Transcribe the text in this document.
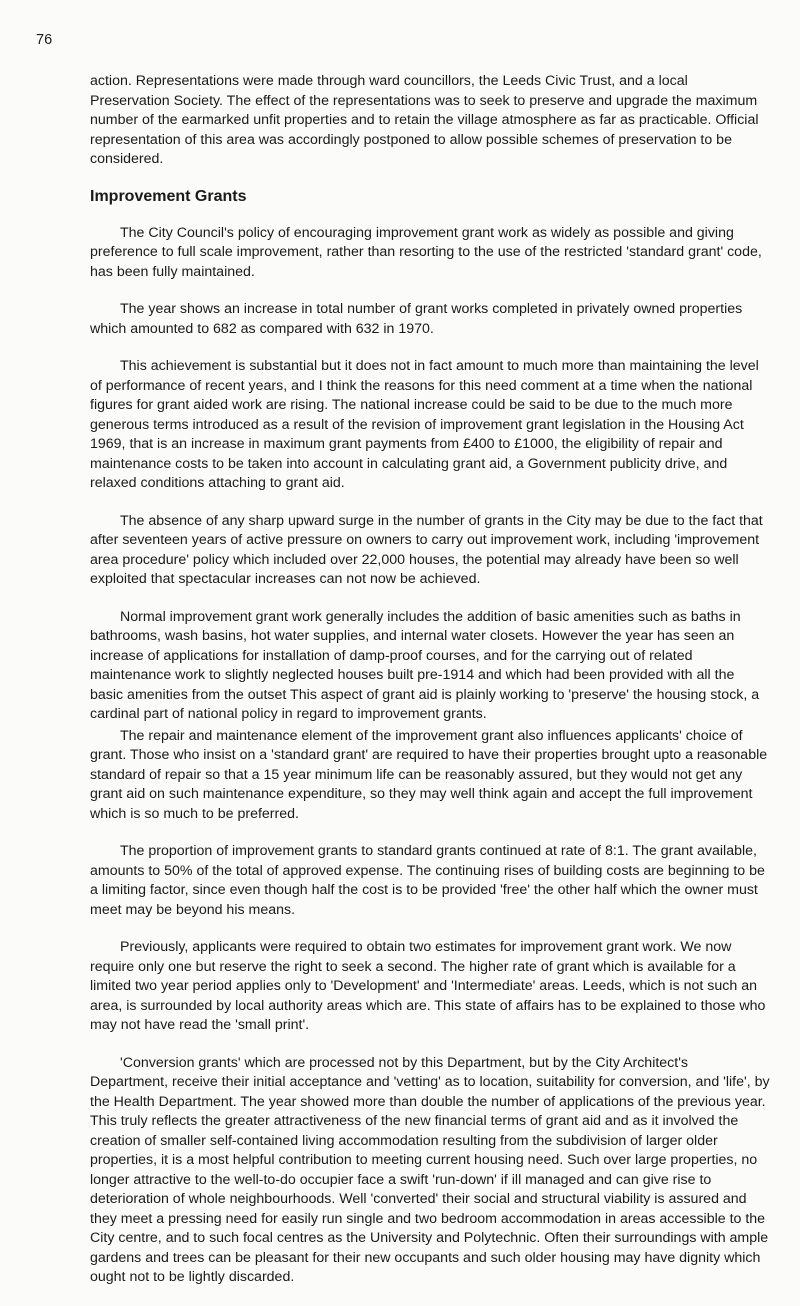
76

action. Representations were made through ward councillors, the Leeds Civic Trust, and a local Preservation Society. The effect of the representations was to seek to preserve and upgrade the maximum number of the earmarked unfit properties and to retain the village atmosphere as far as practicable. Official representation of this area was accordingly postponed to allow possible schemes of preservation to be considered.

Improvement Grants

The City Council's policy of encouraging improvement grant work as widely as possible and giving preference to full scale improvement, rather than resorting to the use of the restricted 'standard grant' code, has been fully maintained.

The year shows an increase in total number of grant works completed in privately owned properties which amounted to 682 as compared with 632 in 1970.

This achievement is substantial but it does not in fact amount to much more than maintaining the level of performance of recent years, and I think the reasons for this need comment at a time when the national figures for grant aided work are rising. The national increase could be said to be due to the much more generous terms introduced as a result of the revision of improvement grant legislation in the Housing Act 1969, that is an increase in maximum grant payments from £400 to £1000, the eligibility of repair and maintenance costs to be taken into account in calculating grant aid, a Government publicity drive, and relaxed conditions attaching to grant aid.

The absence of any sharp upward surge in the number of grants in the City may be due to the fact that after seventeen years of active pressure on owners to carry out improvement work, including 'improvement area procedure' policy which included over 22,000 houses, the potential may already have been so well exploited that spectacular increases can not now be achieved.

Normal improvement grant work generally includes the addition of basic amenities such as baths in bathrooms, wash basins, hot water supplies, and internal water closets. However the year has seen an increase of applications for installation of damp-proof courses, and for the carrying out of related maintenance work to slightly neglected houses built pre-1914 and which had been provided with all the basic amenities from the outset This aspect of grant aid is plainly working to 'preserve' the housing stock, a cardinal part of national policy in regard to improvement grants.

The repair and maintenance element of the improvement grant also influences applicants' choice of grant. Those who insist on a 'standard grant' are required to have their properties brought upto a reasonable standard of repair so that a 15 year minimum life can be reasonably assured, but they would not get any grant aid on such maintenance expenditure, so they may well think again and accept the full improvement which is so much to be preferred.

The proportion of improvement grants to standard grants continued at rate of 8:1. The grant available, amounts to 50% of the total of approved expense. The continuing rises of building costs are beginning to be a limiting factor, since even though half the cost is to be provided 'free' the other half which the owner must meet may be beyond his means.

Previously, applicants were required to obtain two estimates for improvement grant work. We now require only one but reserve the right to seek a second. The higher rate of grant which is available for a limited two year period applies only to 'Development' and 'Intermediate' areas. Leeds, which is not such an area, is surrounded by local authority areas which are. This state of affairs has to be explained to those who may not have read the 'small print'.

'Conversion grants' which are processed not by this Department, but by the City Architect's Department, receive their initial acceptance and 'vetting' as to location, suitability for conversion, and 'life', by the Health Department. The year showed more than double the number of applications of the previous year. This truly reflects the greater attractiveness of the new financial terms of grant aid and as it involved the creation of smaller self-contained living accommodation resulting from the subdivision of larger older properties, it is a most helpful contribution to meeting current housing need. Such over large properties, no longer attractive to the well-to-do occupier face a swift 'run-down' if ill managed and can give rise to deterioration of whole neighbourhoods. Well 'converted' their social and structural viability is assured and they meet a pressing need for easily run single and two bedroom accommodation in areas accessible to the City centre, and to such focal centres as the University and Polytechnic. Often their surroundings with ample gardens and trees can be pleasant for their new occupants and such older housing may have dignity which ought not to be lightly discarded.
